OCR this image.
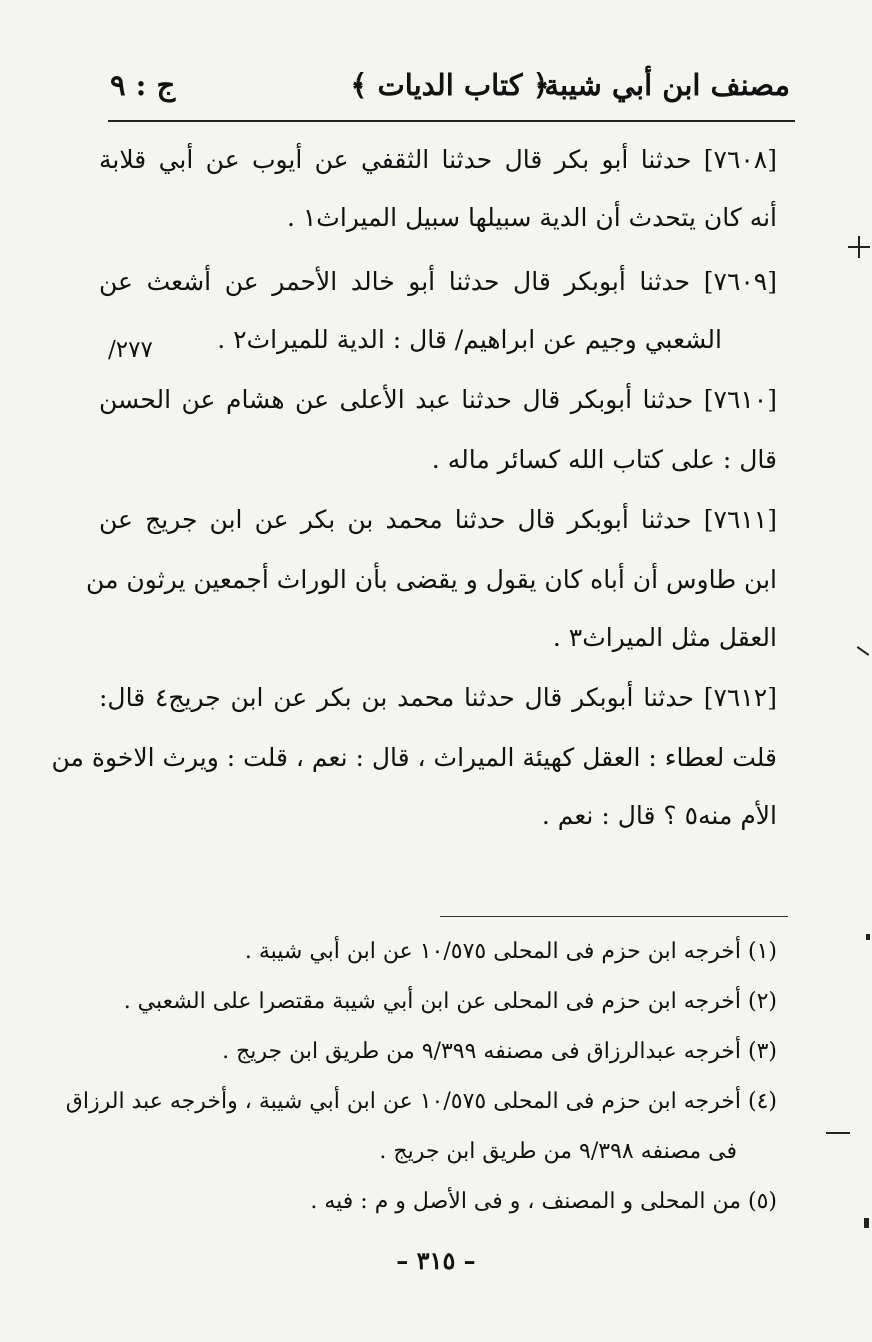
مصنف ابن أبي شيبة
﴿ كتاب الديات ﴾
ج : ٩
[٧٦٠٨] حدثنا أبو بكر قال حدثنا الثقفي عن أيوب عن أبي قلابة
أنه كان يتحدث أن الدية سبيلها سبيل الميراث١ .
[٧٦٠٩] حدثنا أبوبكر قال حدثنا أبو خالد الأحمر عن أشعث عن
الشعبي وجيم عن ابراهيم/ قال : الدية للميراث٢ .
٢٧٧/
[٧٦١٠] حدثنا أبوبكر قال حدثنا عبد الأعلى عن هشام عن الحسن
قال : على كتاب الله كسائر ماله .
[٧٦١١] حدثنا أبوبكر قال حدثنا محمد بن بكر عن ابن جريج عن
ابن طاوس أن أباه كان يقول و يقضى بأن الوراث أجمعين يرثون من
العقل مثل الميراث٣ .
[٧٦١٢] حدثنا أبوبكر قال حدثنا محمد بن بكر عن ابن جريج٤ قال:
قلت لعطاء : العقل كهيئة الميراث ، قال : نعم ، قلت : ويرث الاخوة من
الأم منه٥ ؟ قال : نعم .
(١) أخرجه ابن حزم فى المحلى ١٠/٥٧٥ عن ابن أبي شيبة .
(٢) أخرجه ابن حزم فى المحلى عن ابن أبي شيبة مقتصرا على الشعبي .
(٣) أخرجه عبدالرزاق فى مصنفه ٩/٣٩٩ من طريق ابن جريج .
(٤) أخرجه ابن حزم فى المحلى ١٠/٥٧٥ عن ابن أبي شيبة ، وأخرجه عبد الرزاق
فى مصنفه ٩/٣٩٨ من طريق ابن جريج .
(٥) من المحلى و المصنف ، و فى الأصل و م : فيه .
– ٣١٥ –
